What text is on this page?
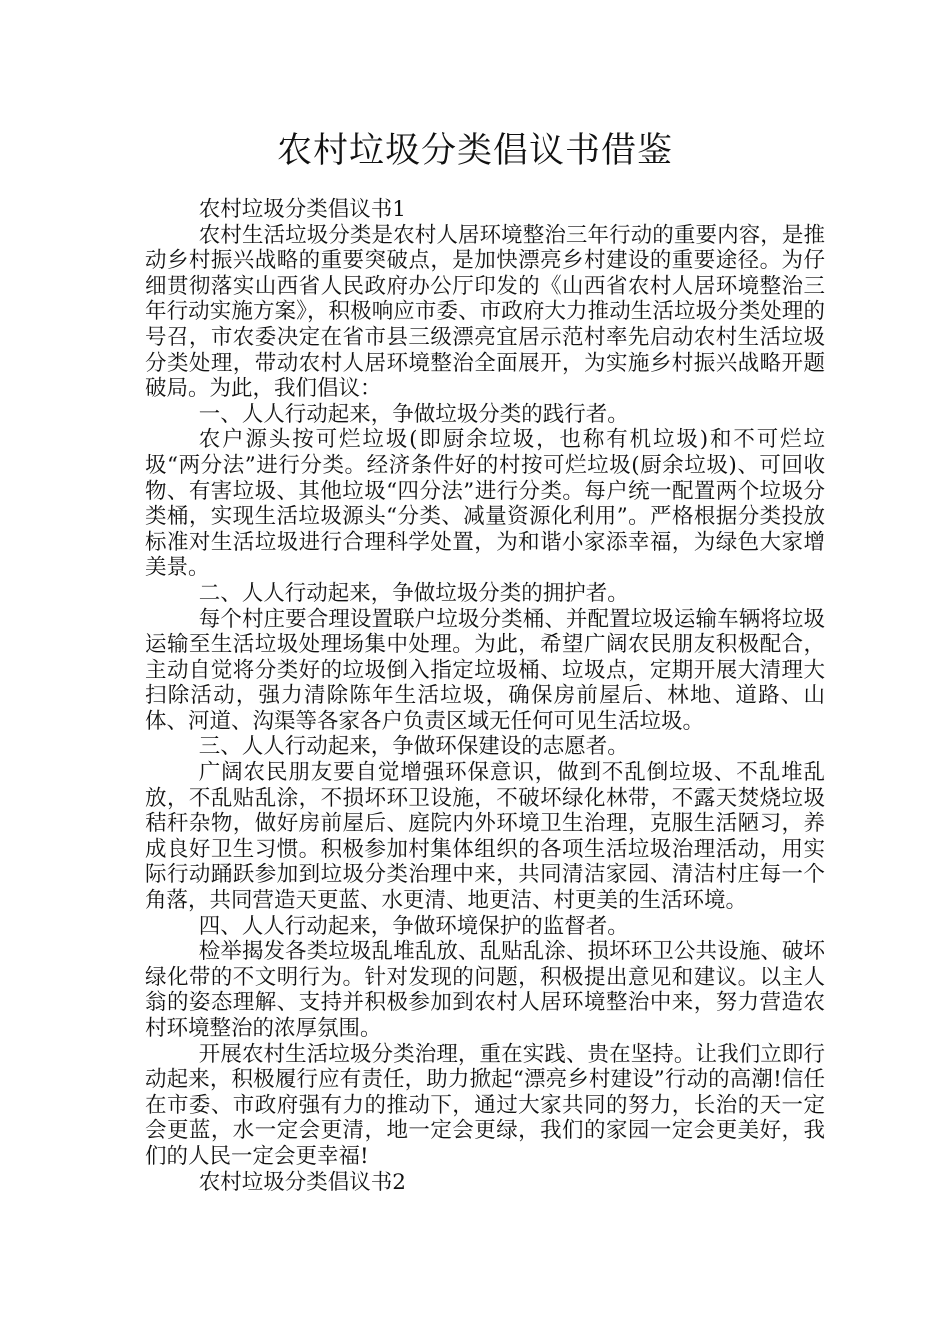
农村垃圾分类倡议书借鉴

农村垃圾分类倡议书1

农村生活垃圾分类是农村人居环境整治三年行动的重要内容，是推动乡村振兴战略的重要突破点，是加快漂亮乡村建设的重要途径。为仔细贯彻落实山西省人民政府办公厅印发的《山西省农村人居环境整治三年行动实施方案》，积极响应市委、市政府大力推动生活垃圾分类处理的号召，市农委决定在省市县三级漂亮宜居示范村率先启动农村生活垃圾分类处理，带动农村人居环境整治全面展开，为实施乡村振兴战略开题破局。为此，我们倡议：

一、人人行动起来，争做垃圾分类的践行者。

农户源头按可烂垃圾(即厨余垃圾，也称有机垃圾)和不可烂垃圾“两分法”进行分类。经济条件好的村按可烂垃圾(厨余垃圾)、可回收物、有害垃圾、其他垃圾“四分法”进行分类。每户统一配置两个垃圾分类桶，实现生活垃圾源头“分类、减量资源化利用”。严格根据分类投放标准对生活垃圾进行合理科学处置，为和谐小家添幸福，为绿色大家增美景。

二、人人行动起来，争做垃圾分类的拥护者。

每个村庄要合理设置联户垃圾分类桶、并配置垃圾运输车辆将垃圾运输至生活垃圾处理场集中处理。为此，希望广阔农民朋友积极配合，主动自觉将分类好的垃圾倒入指定垃圾桶、垃圾点，定期开展大清理大扫除活动，强力清除陈年生活垃圾，确保房前屋后、林地、道路、山体、河道、沟渠等各家各户负责区域无任何可见生活垃圾。

三、人人行动起来，争做环保建设的志愿者。

广阔农民朋友要自觉增强环保意识，做到不乱倒垃圾、不乱堆乱放，不乱贴乱涂，不损坏环卫设施，不破坏绿化林带，不露天焚烧垃圾秸秆杂物，做好房前屋后、庭院内外环境卫生治理，克服生活陋习，养成良好卫生习惯。积极参加村集体组织的各项生活垃圾治理活动，用实际行动踊跃参加到垃圾分类治理中来，共同清洁家园、清洁村庄每一个角落，共同营造天更蓝、水更清、地更洁、村更美的生活环境。

四、人人行动起来，争做环境保护的监督者。

检举揭发各类垃圾乱堆乱放、乱贴乱涂、损坏环卫公共设施、破坏绿化带的不文明行为。针对发现的问题，积极提出意见和建议。以主人翁的姿态理解、支持并积极参加到农村人居环境整治中来，努力营造农村环境整治的浓厚氛围。

开展农村生活垃圾分类治理，重在实践、贵在坚持。让我们立即行动起来，积极履行应有责任，助力掀起“漂亮乡村建设”行动的高潮!信任在市委、市政府强有力的推动下，通过大家共同的努力，长治的天一定会更蓝，水一定会更清，地一定会更绿，我们的家园一定会更美好，我们的人民一定会更幸福!

农村垃圾分类倡议书2
